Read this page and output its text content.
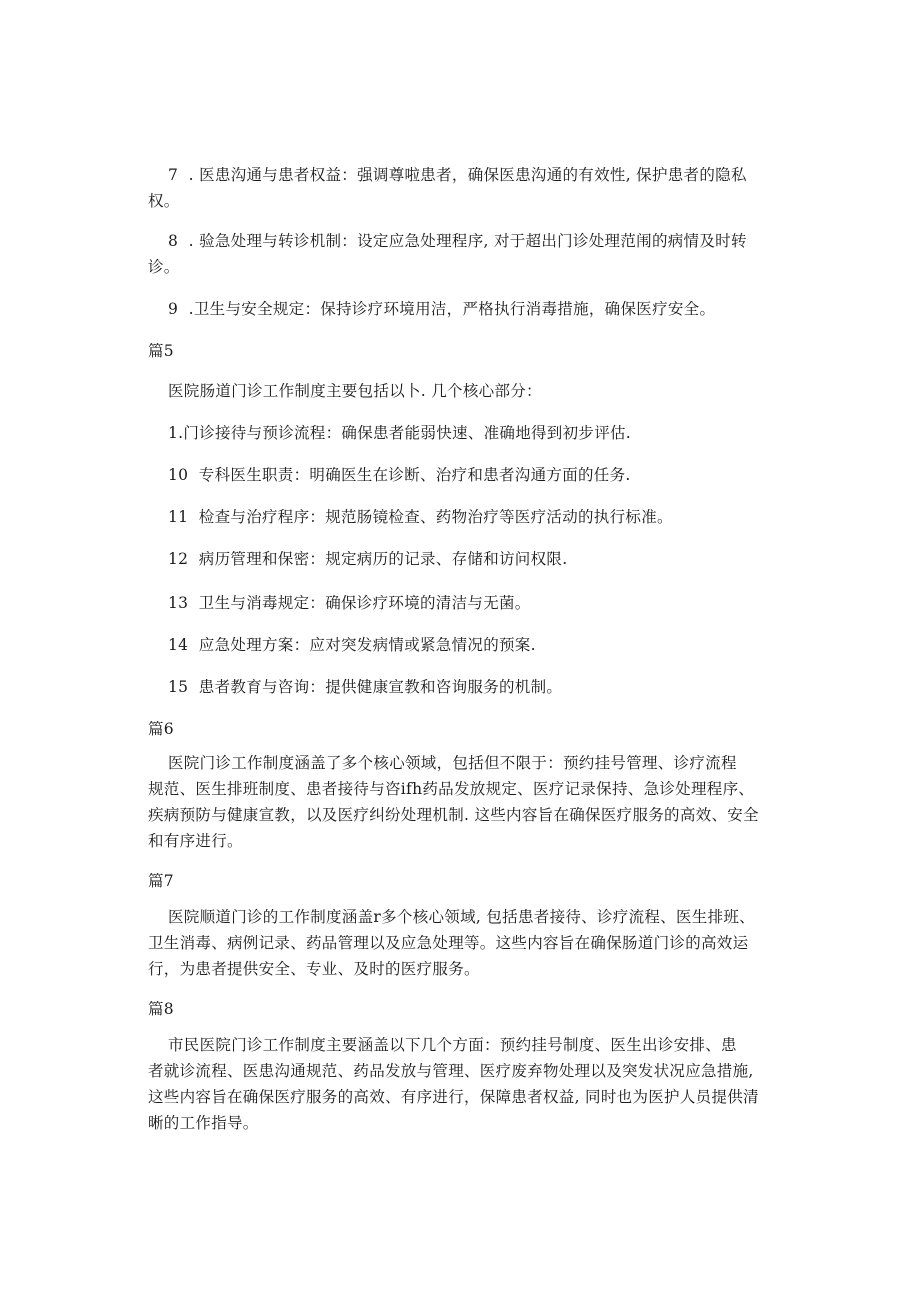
7 . 医患沟通与患者权益：强调尊啦患者，确保医患沟通的有效性, 保护患者的隐私
权。
8 . 验急处理与转诊机制：设定应急处理程序, 对于超出门诊处理范闱的病情及时转
诊。
9 .卫生与安全规定：保持诊疗环境用洁，严格执行消毒措施，确保医疗安全。
篇5
医院肠道门诊工作制度主要包括以卜. 几个核心部分：
1.门诊接待与预诊流程：确保患者能弱快速、准确地得到初步评估.
10 专科医生职责：明确医生在诊断、治疗和患者沟通方面的任务.
11 检查与治疗程序：规范肠镜检查、药物治疗等医疗活动的执行标准。
12 病历管理和保密：规定病历的记录、存储和访问权限.
13 卫生与消毒规定：确保诊疗环境的清洁与无菌。
14 应急处理方案：应对突发病情或紧急情况的预案.
15 患者教育与咨询：提供健康宣教和咨询服务的机制。
篇6
医院门诊工作制度涵盖了多个核心领域，包括但不限于：预约挂号管理、诊疗流程
规范、医生排班制度、患者接待与咨ifh药品发放规定、医疗记录保持、急诊处理程序、
疾病预防与健康宣教，以及医疗纠纷处理机制. 这些内容旨在确保医疗服务的高效、安全
和有序进行。
篇7
医院顺道门诊的工作制度涵盖r多个核心领域, 包括患者接待、诊疗流程、医生排班、
卫生消毒、病例记录、药品管理以及应急处理等。这些内容旨在确保肠道门诊的高效运
行，为患者提供安全、专业、及时的医疗服务。
篇8
市民医院门诊工作制度主要涵盖以下几个方面：预约挂号制度、医生出诊安排、患
者就诊流程、医患沟通规范、药品发放与管理、医疗废弃物处理以及突发状况应急措施,
这些内容旨在确保医疗服务的高效、有序进行，保障患者权益, 同时也为医护人员提供清
晰的工作指导。
